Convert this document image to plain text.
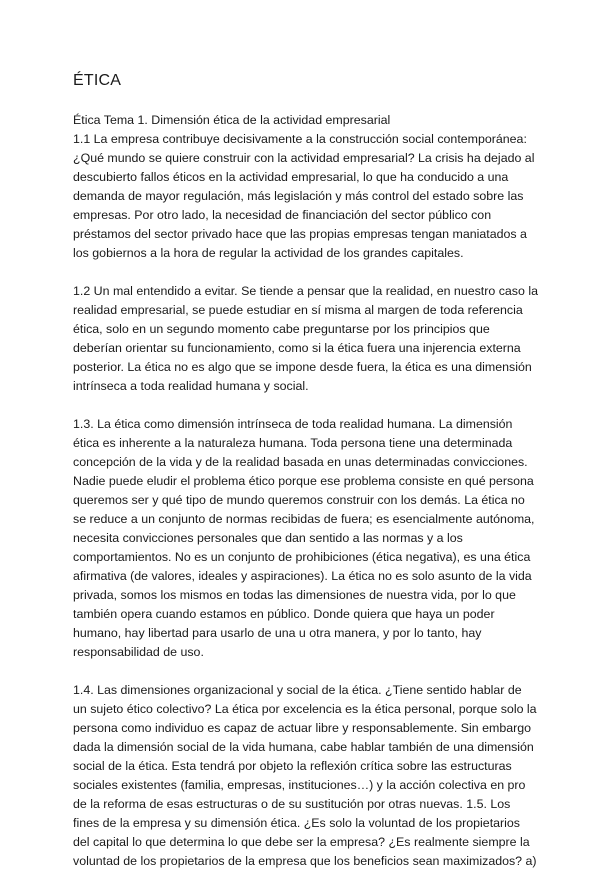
ÉTICA
Ética Tema 1. Dimensión ética de la actividad empresarial
1.1 La empresa contribuye decisivamente a la construcción social contemporánea:
¿Qué mundo se quiere construir con la actividad empresarial? La crisis ha dejado al
descubierto fallos éticos en la actividad empresarial, lo que ha conducido a una
demanda de mayor regulación, más legislación y más control del estado sobre las
empresas. Por otro lado, la necesidad de financiación del sector público con
préstamos del sector privado hace que las propias empresas tengan maniatados a
los gobiernos a la hora de regular la actividad de los grandes capitales.
1.2 Un mal entendido a evitar. Se tiende a pensar que la realidad, en nuestro caso la
realidad empresarial, se puede estudiar en sí misma al margen de toda referencia
ética, solo en un segundo momento cabe preguntarse por los principios que
deberían orientar su funcionamiento, como si la ética fuera una injerencia externa
posterior. La ética no es algo que se impone desde fuera, la ética es una dimensión
intrínseca a toda realidad humana y social.
1.3. La ética como dimensión intrínseca de toda realidad humana. La dimensión
ética es inherente a la naturaleza humana. Toda persona tiene una determinada
concepción de la vida y de la realidad basada en unas determinadas convicciones.
Nadie puede eludir el problema ético porque ese problema consiste en qué persona
queremos ser y qué tipo de mundo queremos construir con los demás. La ética no
se reduce a un conjunto de normas recibidas de fuera; es esencialmente autónoma,
necesita convicciones personales que dan sentido a las normas y a los
comportamientos. No es un conjunto de prohibiciones (ética negativa), es una ética
afirmativa (de valores, ideales y aspiraciones). La ética no es solo asunto de la vida
privada, somos los mismos en todas las dimensiones de nuestra vida, por lo que
también opera cuando estamos en público. Donde quiera que haya un poder
humano, hay libertad para usarlo de una u otra manera, y por lo tanto, hay
responsabilidad de uso.
1.4. Las dimensiones organizacional y social de la ética. ¿Tiene sentido hablar de
un sujeto ético colectivo? La ética por excelencia es la ética personal, porque solo la
persona como individuo es capaz de actuar libre y responsablemente. Sin embargo
dada la dimensión social de la vida humana, cabe hablar también de una dimensión
social de la ética. Esta tendrá por objeto la reflexión crítica sobre las estructuras
sociales existentes (familia, empresas, instituciones…) y la acción colectiva en pro
de la reforma de esas estructuras o de su sustitución por otras nuevas. 1.5. Los
fines de la empresa y su dimensión ética. ¿Es solo la voluntad de los propietarios
del capital lo que determina lo que debe ser la empresa? ¿Es realmente siempre la
voluntad de los propietarios de la empresa que los beneficios sean maximizados? a)
